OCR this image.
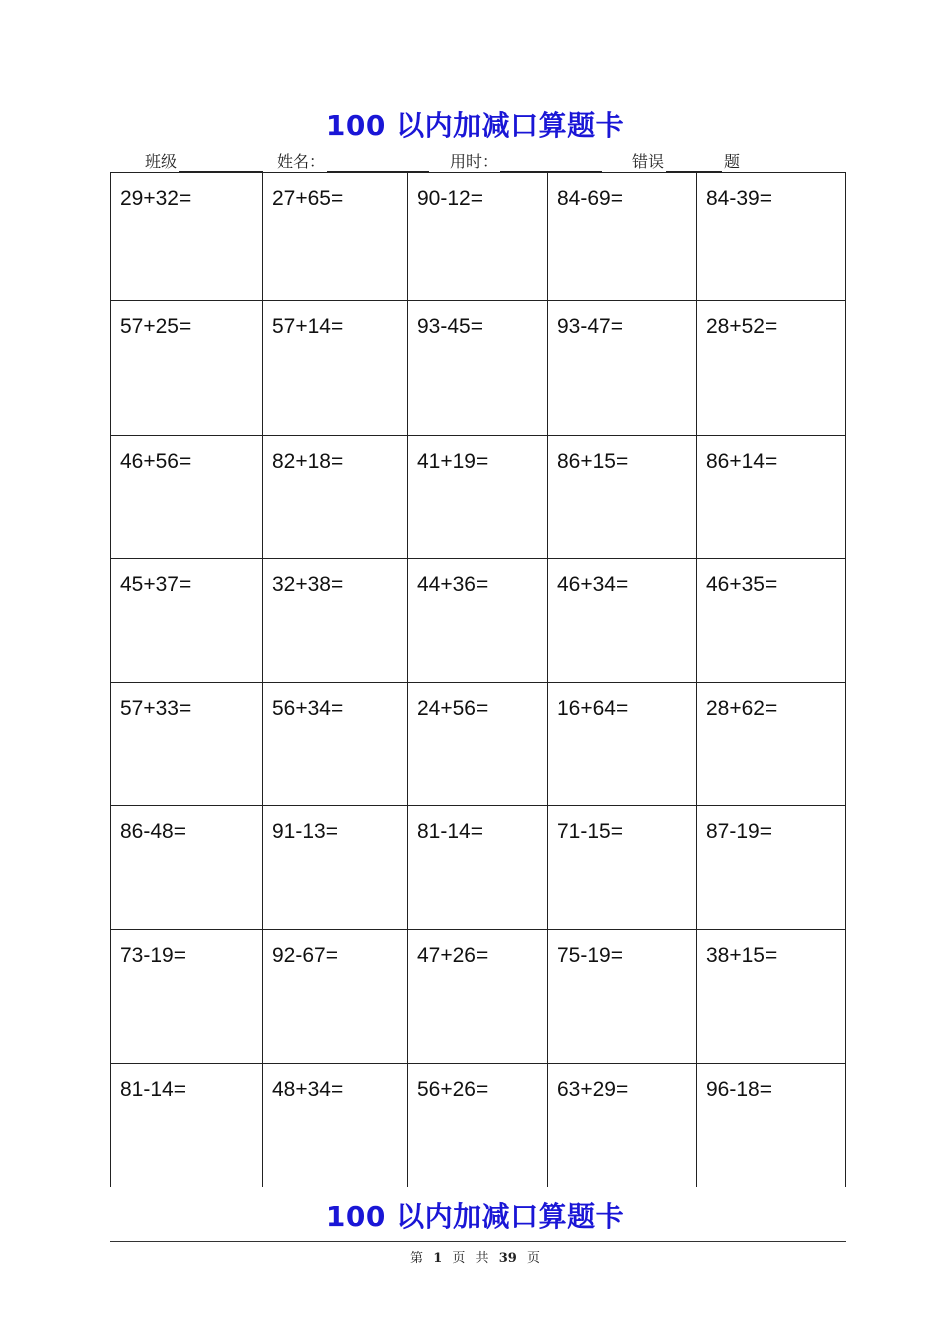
100 以内加减口算题卡
班级	姓名：	用时：	错误	题
29+32=	27+65=	90-12=	84-69=	84-39=
57+25=	57+14=	93-45=	93-47=	28+52=
46+56=	82+18=	41+19=	86+15=	86+14=
45+37=	32+38=	44+36=	46+34=	46+35=
57+33=	56+34=	24+56=	16+64=	28+62=
86-48=	91-13=	81-14=	71-15=	87-19=
73-19=	92-67=	47+26=	75-19=	38+15=
81-14=	48+34=	56+26=	63+29=	96-18=
100 以内加减口算题卡
第 1 页 共 39 页
